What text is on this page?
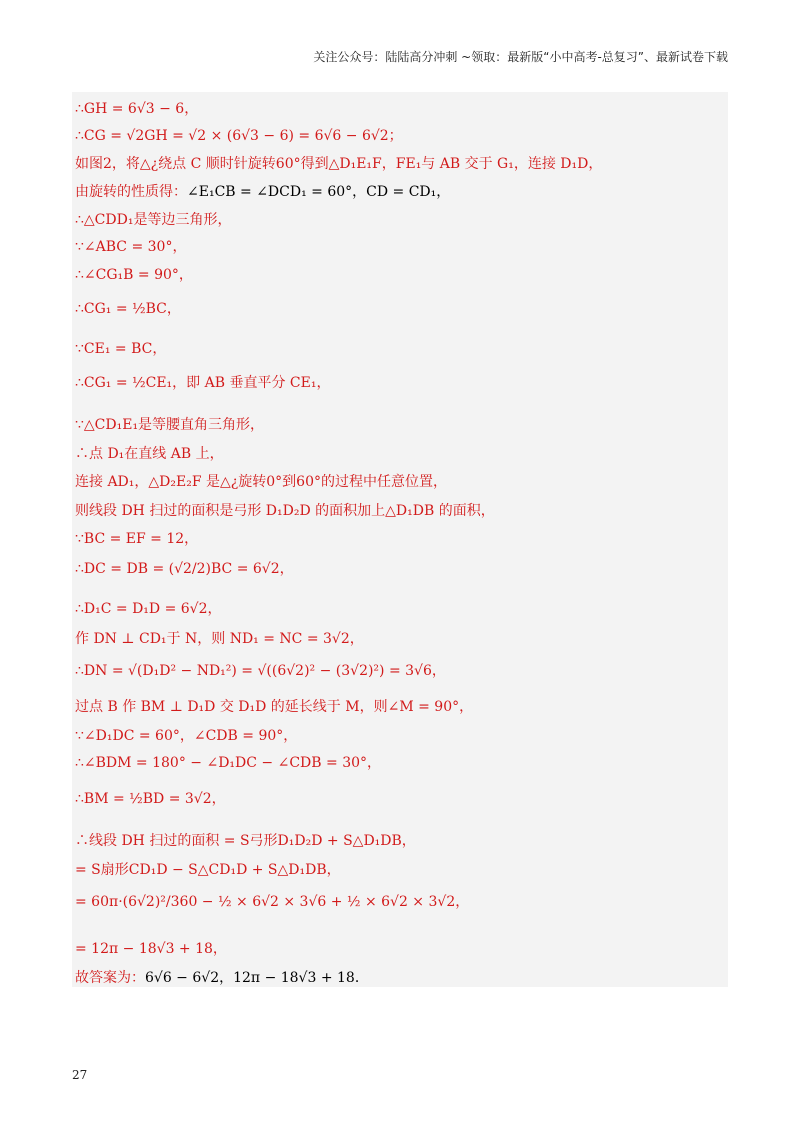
关注公众号：陆陆高分冲刺 ~领取：最新版“小中高考-总复习”、最新试卷下载
∴GH = 6√3 − 6，
∴CG = √2GH = √2 × (6√3 − 6) = 6√6 − 6√2；
如图2，将△¿绕点 C 顺时针旋转60°得到△D₁E₁F，FE₁与 AB 交于 G₁，连接 D₁D，
由旋转的性质得：∠E₁CB = ∠DCD₁ = 60°，CD = CD₁，
∴△CDD₁是等边三角形，
∵∠ABC = 30°，
∴∠CG₁B = 90°，
∴CG₁ = ½BC，
∵CE₁ = BC，
∴CG₁ = ½CE₁，即 AB 垂直平分 CE₁，
∵△CD₁E₁是等腰直角三角形，
∴点 D₁在直线 AB 上，
连接 AD₁，△D₂E₂F 是△¿旋转0°到60°的过程中任意位置，
则线段 DH 扫过的面积是弓形 D₁D₂D 的面积加上△D₁DB 的面积，
∵BC = EF = 12，
∴DC = DB = (√2/2)BC = 6√2，
∴D₁C = D₁D = 6√2，
作 DN ⊥ CD₁于 N，则 ND₁ = NC = 3√2，
∴DN = √(D₁D² − ND₁²) = √((6√2)² − (3√2)²) = 3√6，
过点 B 作 BM ⊥ D₁D 交 D₁D 的延长线于 M，则∠M = 90°，
∵∠D₁DC = 60°，∠CDB = 90°，
∴∠BDM = 180° − ∠D₁DC − ∠CDB = 30°，
∴BM = ½BD = 3√2，
∴线段 DH 扫过的面积 = S弓形D₁D₂D + S△D₁DB，
= S扇形CD₁D − S△CD₁D + S△D₁DB，
= 60π·(6√2)²/360 − ½ × 6√2 × 3√6 + ½ × 6√2 × 3√2，
= 12π − 18√3 + 18，
故答案为：6√6 − 6√2，12π − 18√3 + 18．
27
